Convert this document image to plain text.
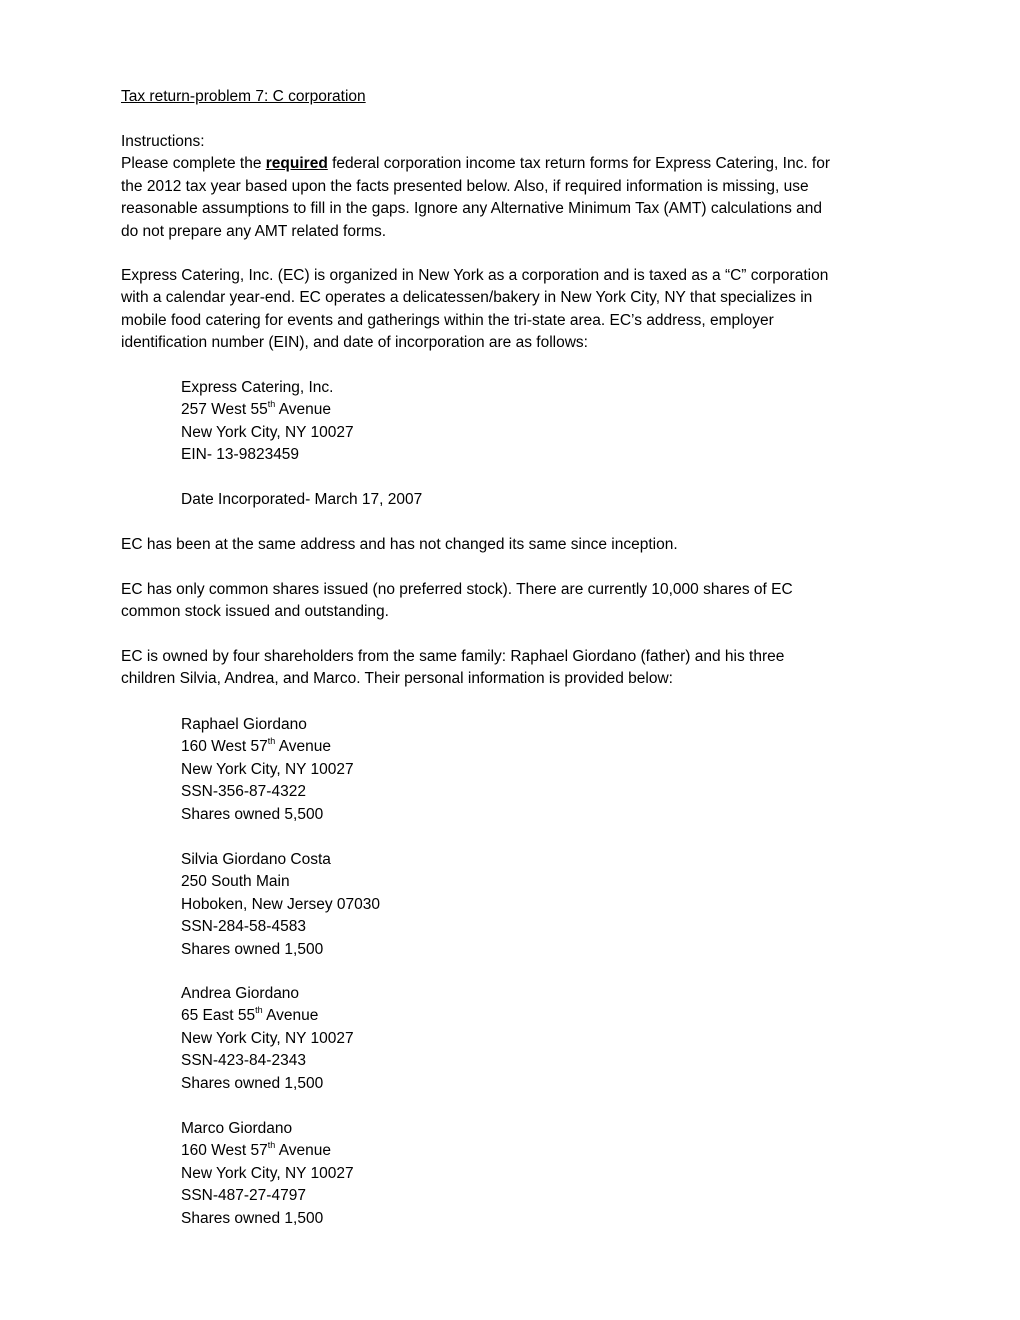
Tax return-problem 7: C corporation
Instructions:
Please complete the required federal corporation income tax return forms for Express Catering, Inc. for
the 2012 tax year based upon the facts presented below. Also, if required information is missing, use
reasonable assumptions to fill in the gaps. Ignore any Alternative Minimum Tax (AMT) calculations and
do not prepare any AMT related forms.
Express Catering, Inc. (EC) is organized in New York as a corporation and is taxed as a “C” corporation
with a calendar year-end. EC operates a delicatessen/bakery in New York City, NY that specializes in
mobile food catering for events and gatherings within the tri-state area. EC’s address, employer
identification number (EIN), and date of incorporation are as follows:
Express Catering, Inc.
257 West 55th Avenue
New York City, NY 10027
EIN- 13-9823459
Date Incorporated- March 17, 2007
EC has been at the same address and has not changed its same since inception.
EC has only common shares issued (no preferred stock). There are currently 10,000 shares of EC
common stock issued and outstanding.
EC is owned by four shareholders from the same family: Raphael Giordano (father) and his three
children Silvia, Andrea, and Marco. Their personal information is provided below:
Raphael Giordano
160 West 57th Avenue
New York City, NY 10027
SSN-356-87-4322
Shares owned 5,500
Silvia Giordano Costa
250 South Main
Hoboken, New Jersey 07030
SSN-284-58-4583
Shares owned 1,500
Andrea Giordano
65 East 55th Avenue
New York City, NY 10027
SSN-423-84-2343
Shares owned 1,500
Marco Giordano
160 West 57th Avenue
New York City, NY 10027
SSN-487-27-4797
Shares owned 1,500
